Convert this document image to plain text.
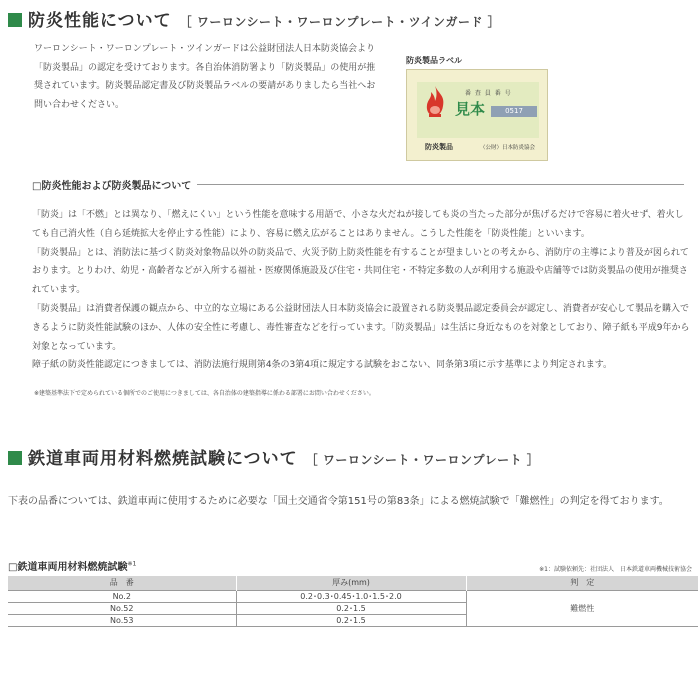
防炎性能について ［ ワーロンシート・ワーロンプレート・ツインガード ］

ワーロンシート・ワーロンプレート・ツインガードは公益財団法人日本防炎協会より「防炎製品」の認定を受けております。各自治体消防署より「防炎製品」の使用が推奨されています。防炎製品認定書及び防炎製品ラベルの要請がありましたら当社へお問い合わせください。

防炎製品ラベル
番 査 員 番 号
見本	0517
防炎製品	（公財）日本防炎協会
□防炎性能および防炎製品について

「防炎」は「不燃」とは異なり、「燃えにくい」という性能を意味する用語で、小さな火だねが接しても炎の当たった部分が焦げるだけで容易に着火せず、着火しても自己消火性（自ら延焼拡大を停止する性能）により、容易に燃え広がることはありません。こうした性能を「防炎性能」といいます。

「防炎製品」とは、消防法に基づく防炎対象物品以外の防炎品で、火災予防上防炎性能を有することが望ましいとの考えから、消防庁の主導により普及が図られております。とりわけ、幼児・高齢者などが入所する福祉・医療関係施設及び住宅・共同住宅・不特定多数の人が利用する施設や店舗等では防炎製品の使用が推奨されています。

「防炎製品」は消費者保護の観点から、中立的な立場にある公益財団法人日本防炎協会に設置される防炎製品認定委員会が認定し、消費者が安心して製品を購入できるように防炎性能試験のほか、人体の安全性に考慮し、毒性審査などを行っています。「防炎製品」は生活に身近なものを対象としており、障子紙も平成9年から対象となっています。

障子紙の防炎性能認定につきましては、消防法施行規則第4条の3第4項に規定する試験をおこない、同条第3項に示す基準により判定されます。

※建築基準法下で定められている個所でのご使用につきましては、各自治体の建築指導に係わる部署にお問い合わせください。
鉄道車両用材料燃焼試験について ［ ワーロンシート・ワーロンプレート ］

下表の品番については、鉄道車両に使用するために必要な「国土交通省令第151号の第83条」による燃焼試験で「難燃性」の判定を得ております。

□鉄道車両用材料燃焼試験$^{※1}$
※1：試験依頼先：社団法人　日本鉄道車両機械技術協会
品　番	厚み(mm)	判　定
No.2	0.2･0.3･0.45･1.0･1.5･2.0	難燃性
No.52	0.2･1.5	
No.53	0.2･1.5	
